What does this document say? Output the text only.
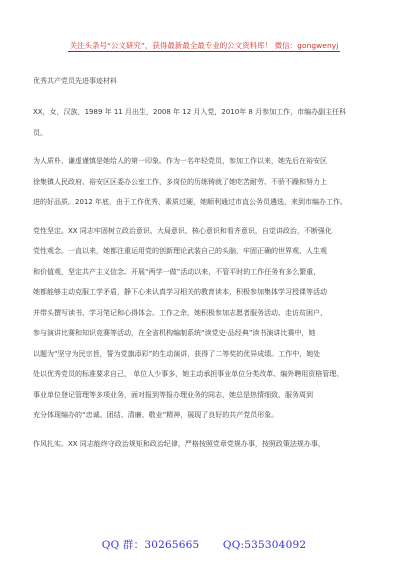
关注头条号“公文研究”，获得最新最全最专业的公文资料库！ 微信：gongwenyj
优秀共产党员先进事迹材料

XX，女，汉族，1989 年 11 月出生，2008 年 12 月入党，2010年 8 月参加工作，市编办副主任科
员。

为人质朴、谦虚谨慎是她给人的第一印象。作为一名年轻党员，参加工作以来，她先后在裕安区
徐集镇人民政府、裕安区区委办公室工作，多岗位的历练铸就了她吃苦耐劳、不骄不躁和努力上
进的好品质。2012 年底，由于工作优秀、素质过硬，她顺利通过市直公务员遴选，来到市编办工作。

党性坚定。XX 同志牢固树立政治意识、大局意识、核心意识和看齐意识，自觉讲政治，不断强化
党性观念。一直以来，她都注重运用党的创新理论武装自己的头脑，牢固正确的世界观、人生观
和价值观，坚定共产主义信念。开展“两学一做”活动以来，不管平时的工作任务有多么繁重，
她都能够主动克服工学矛盾，静下心来认真学习相关的教育读本，积极参加集体学习授课等活动
并带头撰写读书、学习笔记和心得体会。工作之余，她积极参加志愿者服务活动、走访贫困户、
参与演讲比赛和知识竞赛等活动，在全省机构编制系统“读党史·品经典”读书演讲比赛中，她
以题为“坚守为民宗旨，誓为党旗添彩”的生动演讲，获得了二等奖的优异成绩。工作中，她处
处以优秀党员的标准要求自己， 单位人少事多，她主动承担事业单位分类改革、编外聘用资格管理、
事业单位登记管理等多项业务，面对报到等报办理业务的同志，她总是热情细致，服务周到
充分体现编办的“忠诚、团结、清廉、敬业”精神，展现了良好的共产党员形象。

作风扎实。XX 同志能终守政治规矩和政治纪律，严格按照党章党规办事，按照政策法规办事，

QQ 群：30265665 QQ:535304092
